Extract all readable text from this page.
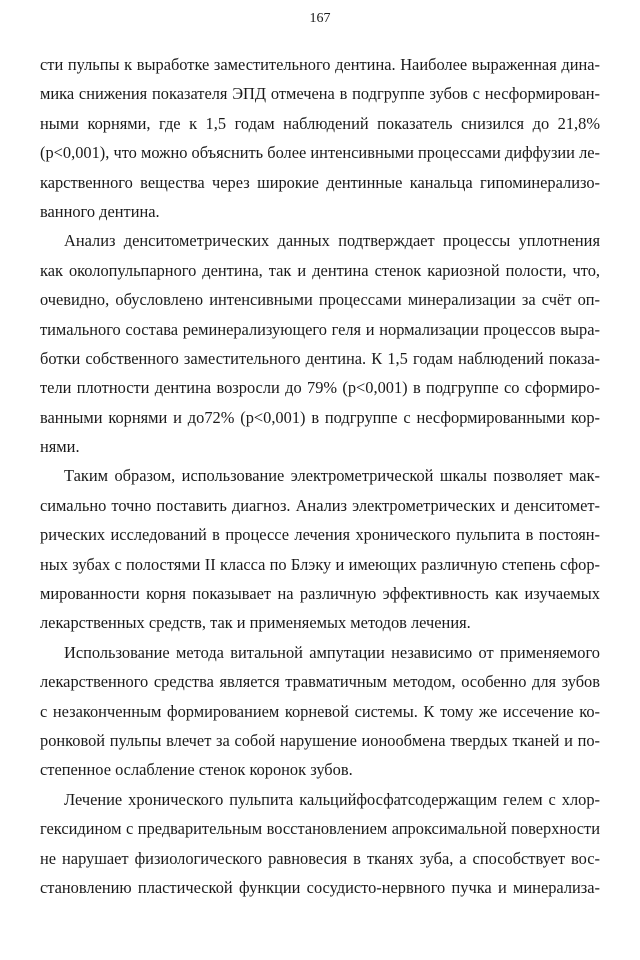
167
сти пульпы к выработке заместительного дентина. Наиболее выраженная дина-
мика снижения показателя ЭПД отмечена в подгруппе зубов с несформирован-
ными корнями, где к 1,5 годам наблюдений показатель снизился до 21,8%
(р<0,001), что можно объяснить более интенсивными процессами диффузии ле-
карственного вещества через широкие дентинные канальца гипоминерализо-
ванного дентина.
Анализ денситометрических данных подтверждает процессы уплотнения
как околопульпарного дентина, так и дентина стенок кариозной полости, что,
очевидно, обусловлено интенсивными процессами минерализации за счёт оп-
тимального состава реминерализующего геля и нормализации процессов выра-
ботки собственного заместительного дентина. К 1,5 годам наблюдений показа-
тели плотности дентина возросли до 79% (р<0,001) в подгруппе со сформиро-
ванными корнями и до72% (р<0,001) в подгруппе с несформированными кор-
нями.
Таким образом, использование электрометрической шкалы позволяет мак-
симально точно поставить диагноз. Анализ электрометрических и денситомет-
рических исследований в процессе лечения хронического пульпита в постоян-
ных зубах с полостями II класса по Блэку и имеющих различную степень сфор-
мированности корня показывает на различную эффективность как изучаемых
лекарственных средств, так и применяемых методов лечения.
Использование метода витальной ампутации независимо от применяемого
лекарственного средства является травматичным методом, особенно для зубов
с незаконченным формированием корневой системы. К тому же иссечение ко-
ронковой пульпы влечет за собой нарушение ионообмена твердых тканей и по-
степенное ослабление стенок коронок зубов.
Лечение хронического пульпита кальцийфосфатсодержащим гелем с хлор-
гексидином с предварительным восстановлением апроксимальной поверхности
не нарушает физиологического равновесия в тканях зуба, а способствует вос-
становлению пластической функции сосудисто-нервного пучка и минерализа-
